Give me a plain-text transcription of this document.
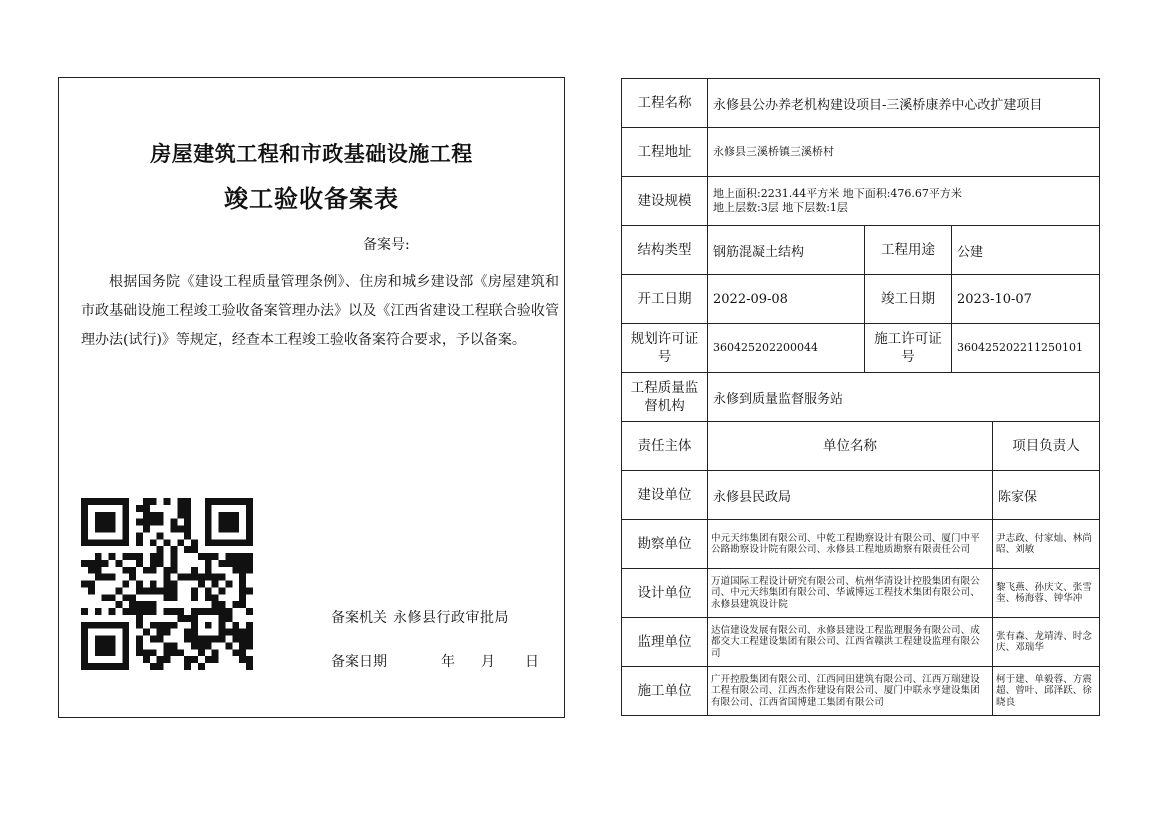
房屋建筑工程和市政基础设施工程
竣工验收备案表
备案号:
根据国务院《建设工程质量管理条例》、住房和城乡建设部《房屋建筑和市政基础设施工程竣工验收备案管理办法》以及《江西省建设工程联合验收管理办法(试行)》等规定，经查本工程竣工验收备案符合要求，予以备案。
备案机关 永修县行政审批局
备案日期	年 月 日
工程名称	永修县公办养老机构建设项目-三溪桥康养中心改扩建项目			
工程地址	永修县三溪桥镇三溪桥村			
建设规模	地上面积:2231.44平方米 地下面积:476.67平方米
地上层数:3层 地下层数:1层			

结构类型	钢筋混凝土结构	工程用途	公建	
开工日期	2022-09-08	竣工日期	2023-10-07	
规划许可证号	360425202200044	施工许可证号	360425202211250101	
工程质量监督机构	永修到质量监督服务站			
责任主体	单位名称			项目负责人
建设单位	永修县民政局			陈家保
勘察单位	中元天纬集团有限公司、中乾工程勘察设计有限公司、厦门中平公路勘察设计院有限公司、永修县工程地质勘察有限责任公司			尹志政、付家灿、林尚昭、刘敏
设计单位	万道国际工程设计研究有限公司、杭州华清设计控股集团有限公司、中元天纬集团有限公司、华诚博远工程技术集团有限公司、永修县建筑设计院			黎飞燕、孙庆文、张雪奎、杨海蓉、钟华冲
监理单位	达信建设发展有限公司、永修县建设工程监理服务有限公司、成都交大工程建设集团有限公司、江西省赣洪工程建设监理有限公司			张有森、龙靖涛、时念庆、邓瑞华
施工单位	广开控股集团有限公司、江西同田建筑有限公司、江西万瑞建设工程有限公司、江西杰作建设有限公司、厦门中联永亨建设集团有限公司、江西省国博建工集团有限公司			柯于建、单毅蓉、方震超、曾叶、邱泽跃、徐晓良
